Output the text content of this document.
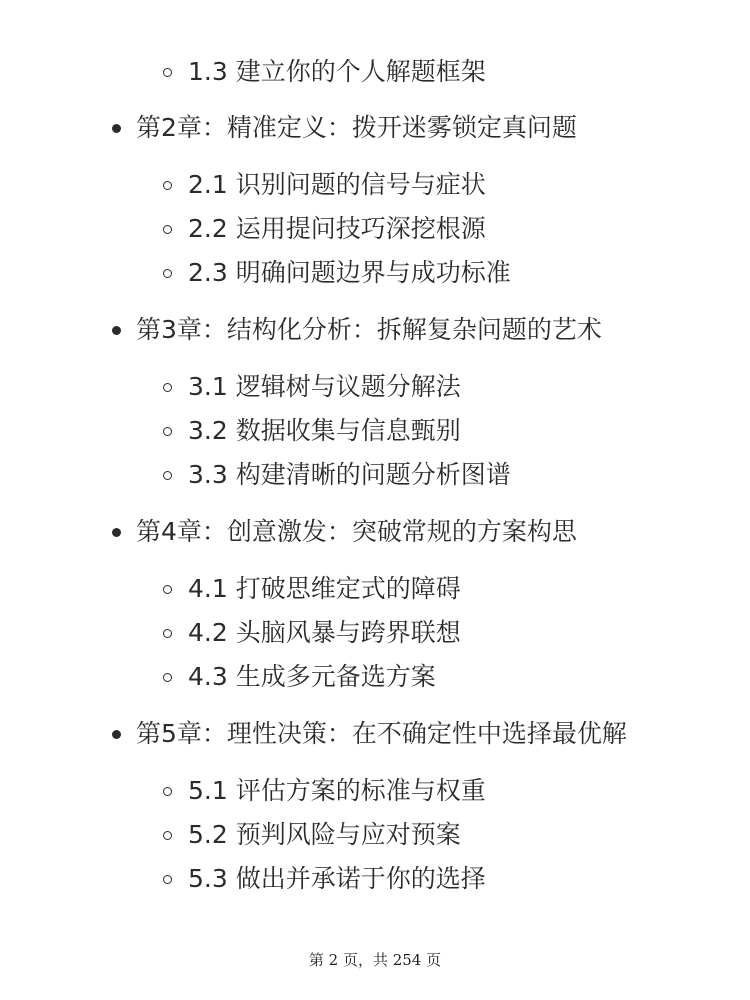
1.3 建立你的个人解题框架
第2章：精准定义：拨开迷雾锁定真问题
2.1 识别问题的信号与症状
2.2 运用提问技巧深挖根源
2.3 明确问题边界与成功标准
第3章：结构化分析：拆解复杂问题的艺术
3.1 逻辑树与议题分解法
3.2 数据收集与信息甄别
3.3 构建清晰的问题分析图谱
第4章：创意激发：突破常规的方案构思
4.1 打破思维定式的障碍
4.2 头脑风暴与跨界联想
4.3 生成多元备选方案
第5章：理性决策：在不确定性中选择最优解
5.1 评估方案的标准与权重
5.2 预判风险与应对预案
5.3 做出并承诺于你的选择
第 2 页，共 254 页
